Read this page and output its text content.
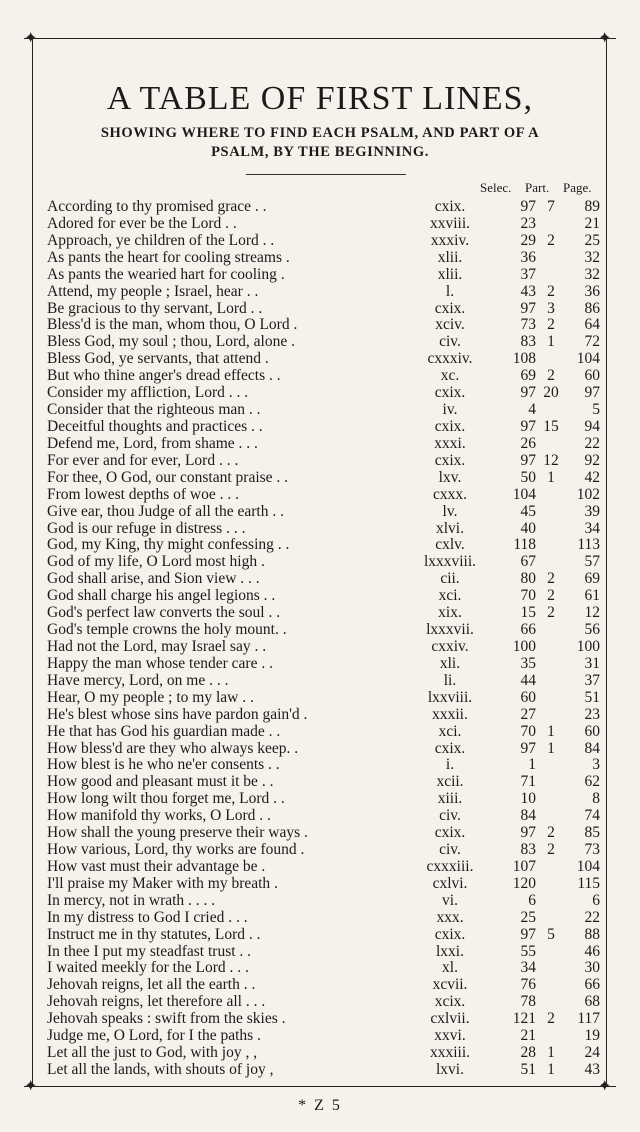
✦	✦
✦	✦
A TABLE OF FIRST LINES,
SHOWING WHERE TO FIND EACH PSALM, AND PART OF A
PSALM, BY THE BEGINNING.
Selec. Part. Page.
According to thy promised grace . .	cxix.	97 7	89
Adored for ever be the Lord . .	xxviii.	23	21
Approach, ye children of the Lord . .	xxxiv.	29 2	25
As pants the heart for cooling streams .	xlii.	36	32
As pants the wearied hart for cooling .	xlii.	37	32
Attend, my people ; Israel, hear . .	l.	43 2	36
Be gracious to thy servant, Lord . .	cxix.	97 3	86
Bless'd is the man, whom thou, O Lord .	xciv.	73 2	64
Bless God, my soul ; thou, Lord, alone .	civ.	83 1	72
Bless God, ye servants, that attend .	cxxxiv.	108	104
But who thine anger's dread effects . .	xc.	69 2	60
Consider my affliction, Lord . . .	cxix.	97 20	97
Consider that the righteous man . .	iv.	4	5
Deceitful thoughts and practices . .	cxix.	97 15	94
Defend me, Lord, from shame . . .	xxxi.	26	22
For ever and for ever, Lord . . .	cxix.	97 12	92
For thee, O God, our constant praise . .	lxv.	50 1	42
From lowest depths of woe . . .	cxxx.	104	102
Give ear, thou Judge of all the earth . .	lv.	45	39
God is our refuge in distress . . .	xlvi.	40	34
God, my King, thy might confessing . .	cxlv.	118	113
God of my life, O Lord most high .	lxxxviii.	67	57
God shall arise, and Sion view . . .	cii.	80 2	69
God shall charge his angel legions . .	xci.	70 2	61
God's perfect law converts the soul . .	xix.	15 2	12
God's temple crowns the holy mount. .	lxxxvii.	66	56
Had not the Lord, may Israel say . .	cxxiv.	100	100
Happy the man whose tender care . .	xli.	35	31
Have mercy, Lord, on me . . .	li.	44	37
Hear, O my people ; to my law . .	lxxviii.	60	51
He's blest whose sins have pardon gain'd .	xxxii.	27	23
He that has God his guardian made . .	xci.	70 1	60
How bless'd are they who always keep. .	cxix.	97 1	84
How blest is he who ne'er consents . .	i.	1	3
How good and pleasant must it be . .	xcii.	71	62
How long wilt thou forget me, Lord . .	xiii.	10	8
How manifold thy works, O Lord . .	civ.	84	74
How shall the young preserve their ways .	cxix.	97 2	85
How various, Lord, thy works are found .	civ.	83 2	73
How vast must their advantage be .	cxxxiii.	107	104
I'll praise my Maker with my breath .	cxlvi.	120	115
In mercy, not in wrath . . . .	vi.	6	6
In my distress to God I cried . . .	xxx.	25	22
Instruct me in thy statutes, Lord . .	cxix.	97 5	88
In thee I put my steadfast trust . .	lxxi.	55	46
I waited meekly for the Lord . . .	xl.	34	30
Jehovah reigns, let all the earth . .	xcvii.	76	66
Jehovah reigns, let therefore all . . .	xcix.	78	68
Jehovah speaks : swift from the skies .	cxlvii.	121 2	117
Judge me, O Lord, for I the paths .	xxvi.	21	19
Let all the just to God, with joy , ,	xxxiii.	28 1	24
Let all the lands, with shouts of joy ,	lxvi.	51 1	43
* Z 5
